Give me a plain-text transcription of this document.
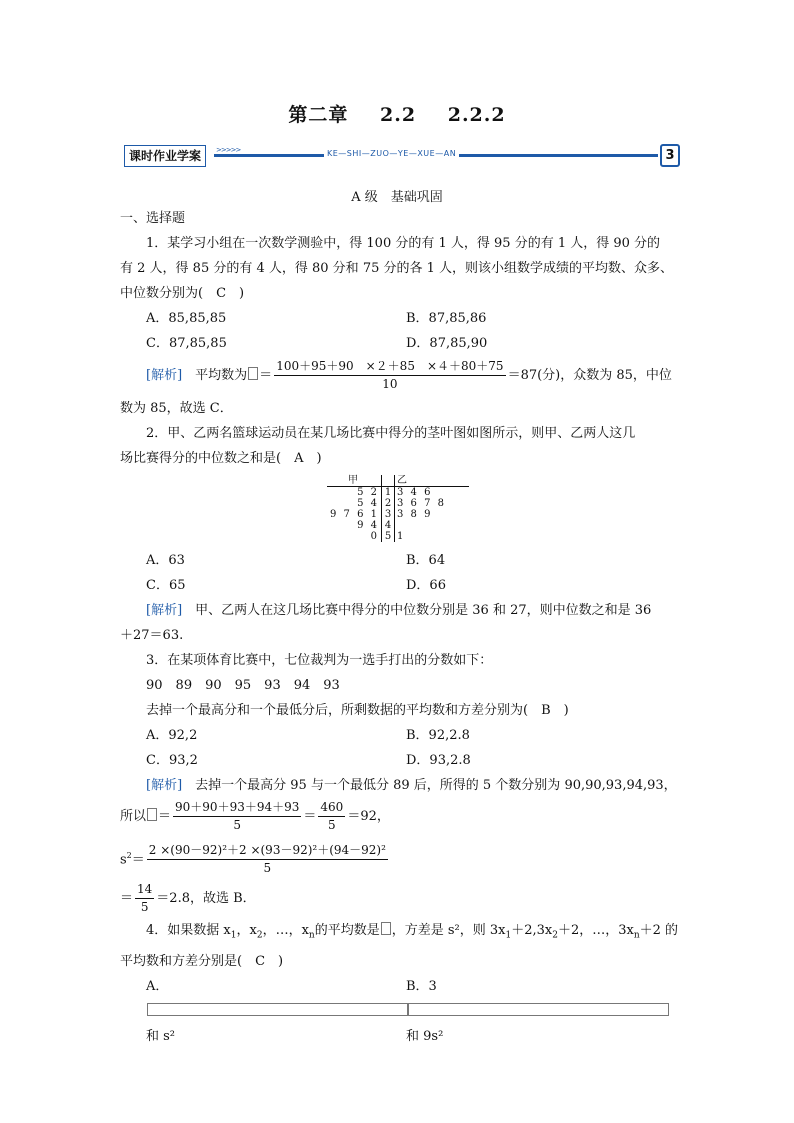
第二章 2.2 2.2.2
课时作业学案	>>>>>	KE—SHI—ZUO—YE—XUE—AN	3
A 级　基础巩固
一、选择题
1．某学习小组在一次数学测验中，得 100 分的有 1 人，得 95 分的有 1 人，得 90 分的
有 2 人，得 85 分的有 4 人，得 80 分和 75 分的各 1 人，则该小组数学成绩的平均数、众多、
中位数分别为(　C　)
A．85,85,85	B．87,85,86
C．87,85,85	D．87,85,90
[解析]　平均数为 ＝ $\frac{100+95+90 \times 2+85 \times 4+80+75}{10} =87$(分)，众数为 85，中位
数为 85，故选 C．
2．甲、乙两名篮球运动员在某几场比赛中得分的茎叶图如图所示，则甲、乙两人这几
场比赛得分的中位数之和是(　A　)
甲		乙
5 2	1	3 4 6
5 4	2	3 6 7 8
9 7 6 1	3	3 8 9
9 4	4	
0	5	1
A．63	B．64
C．65	D．66
[解析]　甲、乙两人在这几场比赛中得分的中位数分别是 36 和 27，则中位数之和是 36
＋27＝63.
3．在某项体育比赛中，七位裁判为一选手打出的分数如下：
90　89　90　95　93　94　93
去掉一个最高分和一个最低分后，所剩数据的平均数和方差分别为(　B　)
A．92,2	B．92,2.8
C．93,2	D．93,2.8
[解析]　去掉一个最高分 95 与一个最低分 89 后，所得的 5 个数分别为 90,90,93,94,93，
所以 ＝ $\frac{90+90+93+94+93}{5} = \frac{460}{5} =92$，
$s^2= \frac{\text{2 ×(90－92)²＋2 ×(93－92)²＋(94－92)²}}{5}$
＝ $\frac{14}{5} =2.8$，故选 B．
4．如果数据 $x_1$，$x_2$，…，$x_n$的平均数是 ，方差是 s²，则 $3x_1+2,3x_2+2$，…，$3x_n+2$ 的
平均数和方差分别是(　C　)
A．和 s²
B．3和 9s²
